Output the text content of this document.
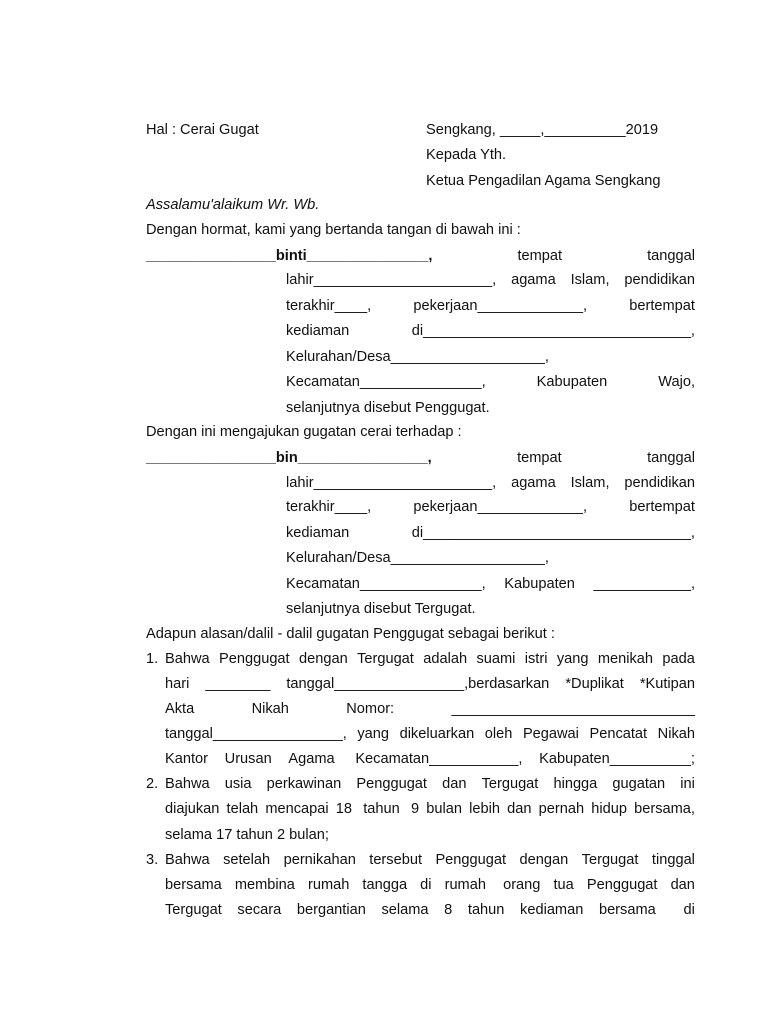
Hal : Cerai Gugat	Sengkang, _____,__________2019
Kepada Yth.
Ketua Pengadilan Agama Sengkang
Assalamu'alaikum Wr. Wb.
Dengan hormat, kami yang bertanda tangan di bawah ini :
________________binti_______________,	tempat	tanggal
lahir______________________, agama Islam, pendidikan
terakhir____,	pekerjaan_____________,	bertempat
kediaman	di_________________________________,
Kelurahan/Desa___________________,
Kecamatan_______________,	Kabupaten	Wajo,
selanjutnya disebut Penggugat.
Dengan ini mengajukan gugatan cerai terhadap :
________________bin________________,	tempat	tanggal
lahir______________________, agama Islam, pendidikan
terakhir____,	pekerjaan_____________,	bertempat
kediaman	di_________________________________,
Kelurahan/Desa___________________,
Kecamatan_______________, Kabupaten ____________,
selanjutnya disebut Tergugat.
Adapun alasan/dalil - dalil gugatan Penggugat sebagai berikut :
1. Bahwa Penggugat dengan Tergugat adalah suami istri yang menikah pada
hari ________ tanggal________________,berdasarkan *Duplikat *Kutipan
Akta	Nikah	Nomor:	______________________________
tanggal________________, yang dikeluarkan oleh Pegawai Pencatat Nikah
Kantor Urusan Agama Kecamatan___________, Kabupaten__________;
2. Bahwa usia perkawinan Penggugat dan Tergugat hingga gugatan ini
diajukan telah mencapai 18 tahun 9 bulan lebih dan pernah hidup bersama,
selama 17 tahun 2 bulan;
3. Bahwa setelah pernikahan tersebut Penggugat dengan Tergugat tinggal
bersama membina rumah tangga di rumah orang tua Penggugat dan
Tergugat secara bergantian selama 8 tahun kediaman bersama di
